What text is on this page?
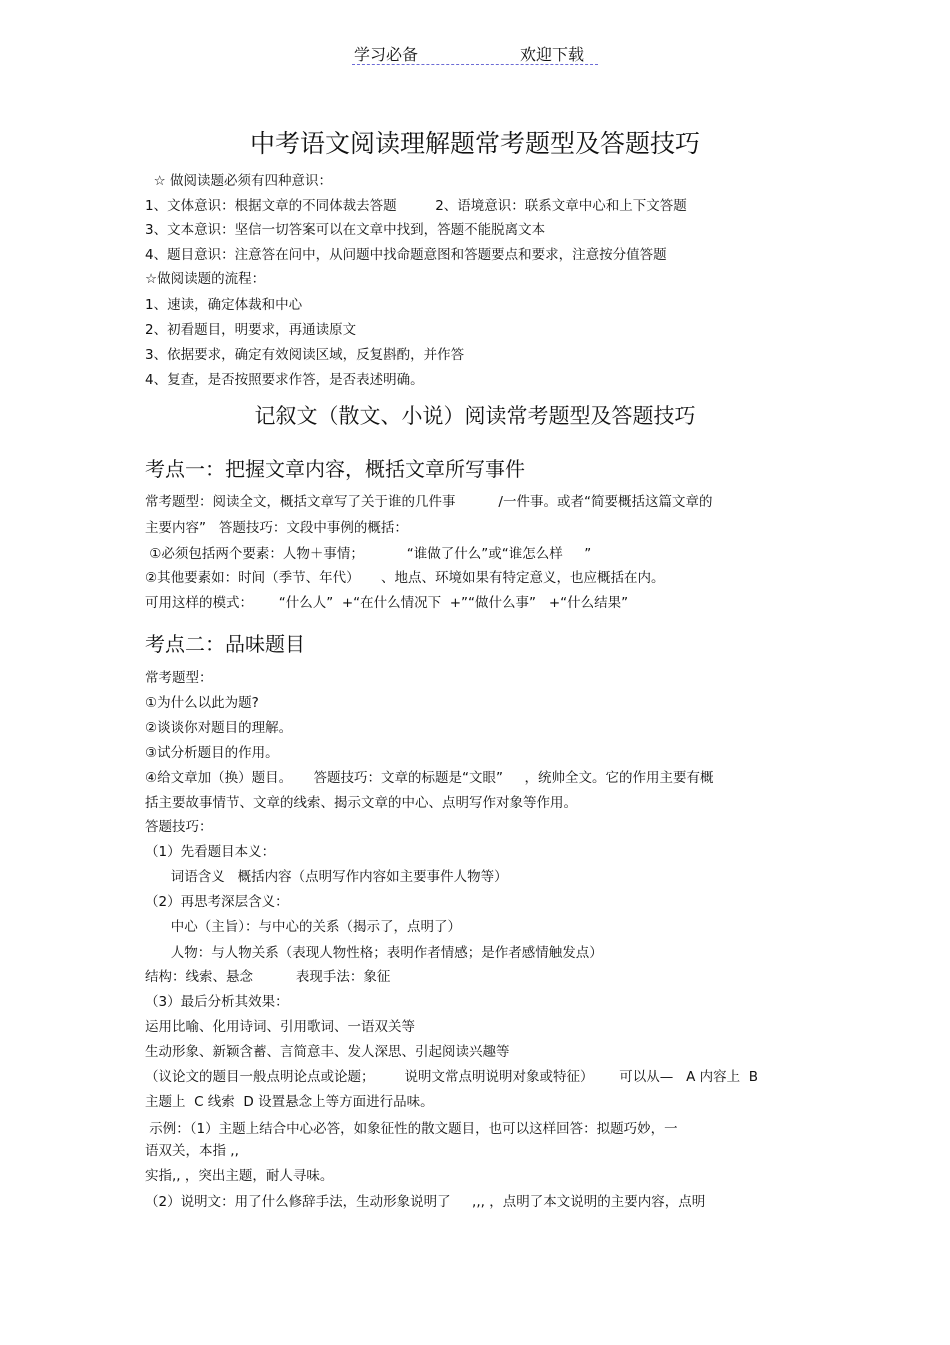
学习必备	欢迎下载
中考语文阅读理解题常考题型及答题技巧
记叙文（散文、小说）阅读常考题型及答题技巧
考点一：把握文章内容，概括文章所写事件
考点二：品味题目
☆ 做阅读题必须有四种意识：
1、文体意识：根据文章的不同体裁去答题         2、语境意识：联系文章中心和上下文答题
3、文本意识：坚信一切答案可以在文章中找到，答题不能脱离文本
4、题目意识：注意答在问中，从问题中找命题意图和答题要点和要求，注意按分值答题
☆做阅读题的流程：
1、速读，确定体裁和中心
2、初看题目，明要求，再通读原文
3、依据要求，确定有效阅读区域，反复斟酌，并作答
4、复查，是否按照要求作答，是否表述明确。
常考题型：阅读全文，概括文章写了关于谁的几件事          /一件事。或者“简要概括这篇文章的
主要内容”   答题技巧：文段中事例的概括：
①必须包括两个要素：人物＋事情；          “谁做了什么”或“谁怎么样     ”
②其他要素如：时间（季节、年代）     、地点、环境如果有特定意义，也应概括在内。
可用这样的模式：      “什么人”  +“在什么情况下  +”“做什么事”   +“什么结果”
常考题型：
①为什么以此为题?
②谈谈你对题目的理解。
③试分析题目的作用。
④给文章加（换）题目。     答题技巧：文章的标题是“文眼”     ，统帅全文。它的作用主要有概
括主要故事情节、文章的线索、揭示文章的中心、点明写作对象等作用。
答题技巧：
（1）先看题目本义：
词语含义   概括内容（点明写作内容如主要事件人物等）
（2）再思考深层含义：
中心（主旨）：与中心的关系（揭示了，点明了）
人物：与人物关系（表现人物性格；表明作者情感；是作者感情触发点）
结构：线索、悬念          表现手法：象征
（3）最后分析其效果：
运用比喻、化用诗词、引用歌词、一语双关等
生动形象、新颖含蓄、言简意丰、发人深思、引起阅读兴趣等
（议论文的题目一般点明论点或论题；       说明文常点明说明对象或特征）      可以从—   A 内容上  B
主题上  C 线索  D 设置悬念上等方面进行品味。
示例：（1）主题上结合中心必答，如象征性的散文题目，也可以这样回答：拟题巧妙，一
语双关，本指 ,,
实指,, ，突出主题，耐人寻味。
（2）说明文：用了什么修辞手法，生动形象说明了     ,,, ，点明了本文说明的主要内容，点明
